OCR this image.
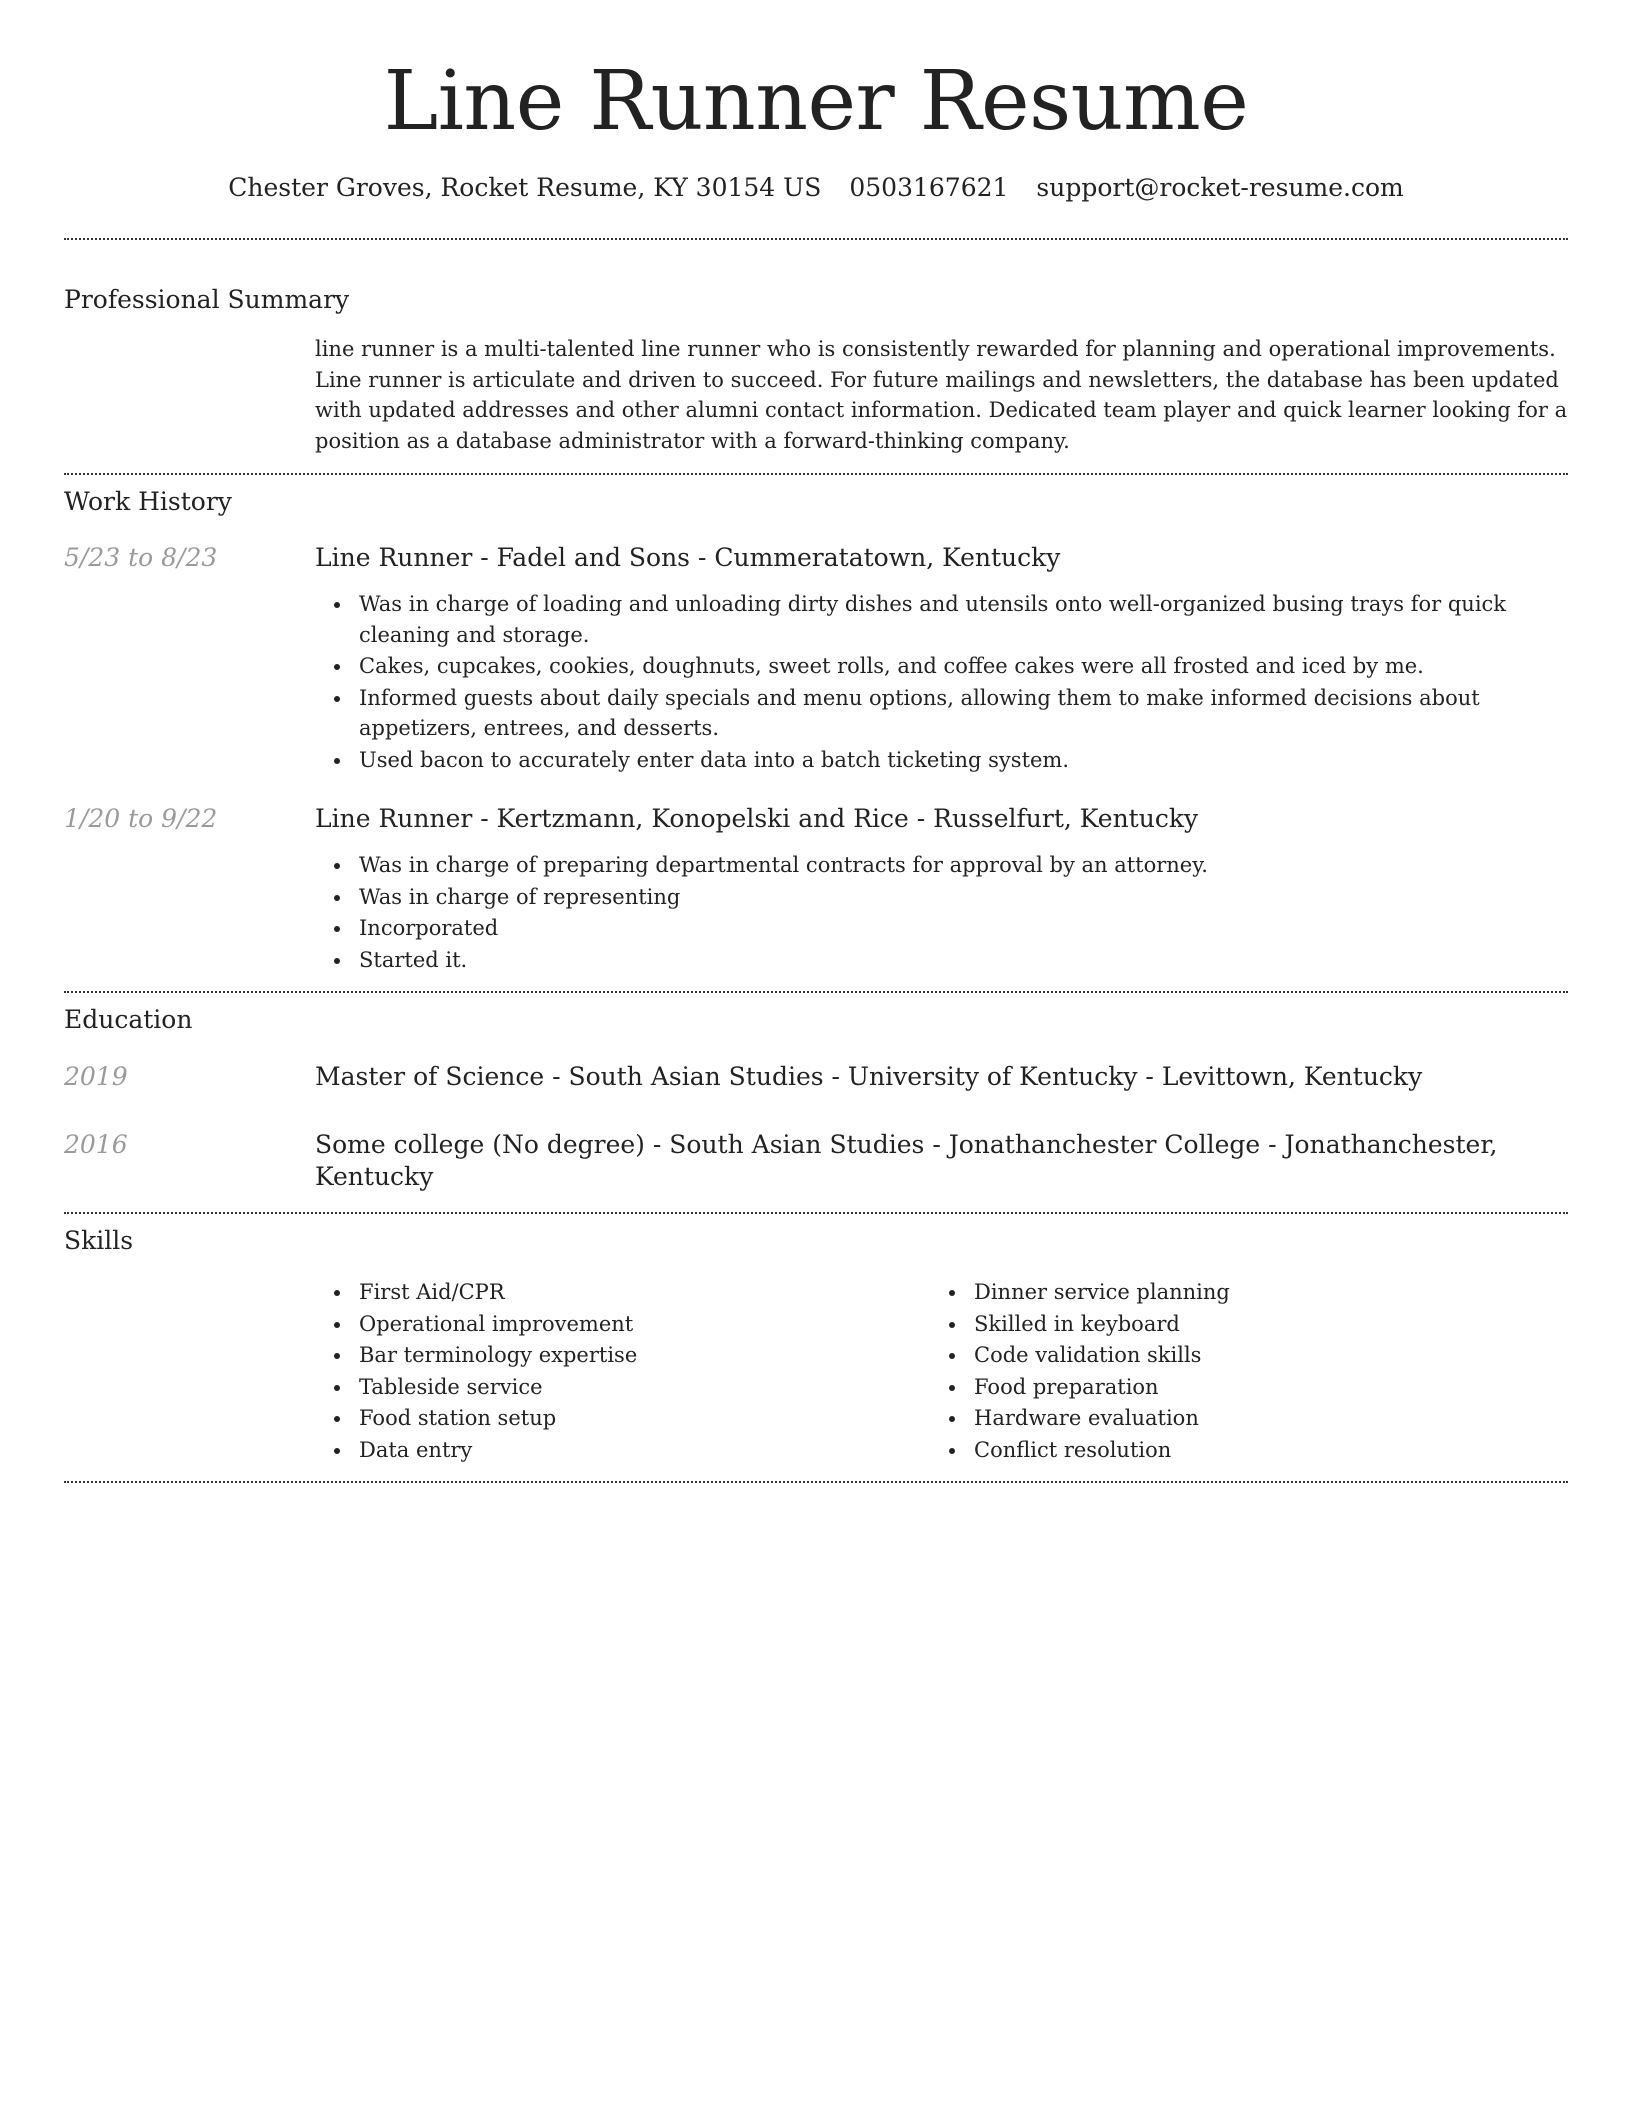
Line Runner Resume
Chester Groves, Rocket Resume, KY 30154 US 0503167621 support@rocket-resume.com
Professional Summary

line runner is a multi-talented line runner who is consistently rewarded for planning and operational improvements. Line runner is articulate and driven to succeed. For future mailings and newsletters, the database has been updated with updated addresses and other alumni contact information. Dedicated team player and quick learner looking for a position as a database administrator with a forward-thinking company.

Work History
5/23 to 8/23	Line Runner - Fadel and Sons - Cummeratatown, Kentucky
Was in charge of loading and unloading dirty dishes and utensils onto well-organized busing trays for quick cleaning and storage.
Cakes, cupcakes, cookies, doughnuts, sweet rolls, and coffee cakes were all frosted and iced by me.
Informed guests about daily specials and menu options, allowing them to make informed decisions about appetizers, entrees, and desserts.
Used bacon to accurately enter data into a batch ticketing system.
1/20 to 9/22	Line Runner - Kertzmann, Konopelski and Rice - Russelfurt, Kentucky
Was in charge of preparing departmental contracts for approval by an attorney.
Was in charge of representing
Incorporated
Started it.
Education
2019	Master of Science - South Asian Studies - University of Kentucky - Levittown, Kentucky
2016	Some college (No degree) - South Asian Studies - Jonathanchester College - Jonathanchester, Kentucky
Skills
First Aid/CPR
Operational improvement
Bar terminology expertise
Tableside service
Food station setup
Data entry
Dinner service planning
Skilled in keyboard
Code validation skills
Food preparation
Hardware evaluation
Conflict resolution
